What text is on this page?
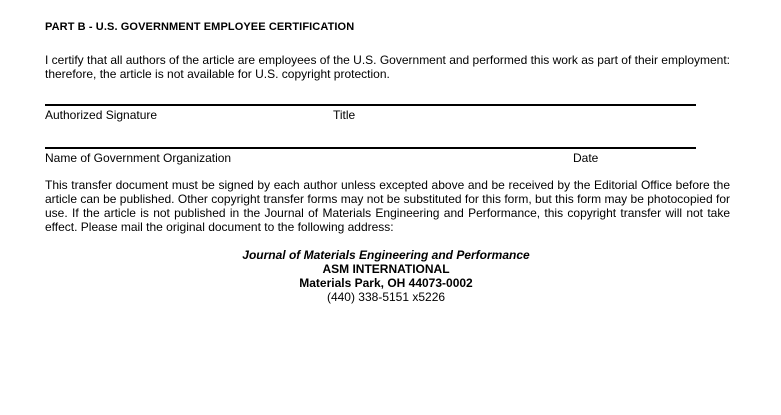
PART B - U.S. GOVERNMENT EMPLOYEE CERTIFICATION
I certify that all authors of the article are employees of the U.S. Government and performed this work as part of their employment: therefore, the article is not available for U.S. copyright protection.
Authorized Signature	Title
Name of Government Organization	Date
This transfer document must be signed by each author unless excepted above and be received by the Editorial Office before the article can be published. Other copyright transfer forms may not be substituted for this form, but this form may be photocopied for use. If the article is not published in the Journal of Materials Engineering and Performance, this copyright transfer will not take effect. Please mail the original document to the following address:
Journal of Materials Engineering and Performance
ASM INTERNATIONAL
Materials Park, OH 44073-0002
(440) 338-5151 x5226
